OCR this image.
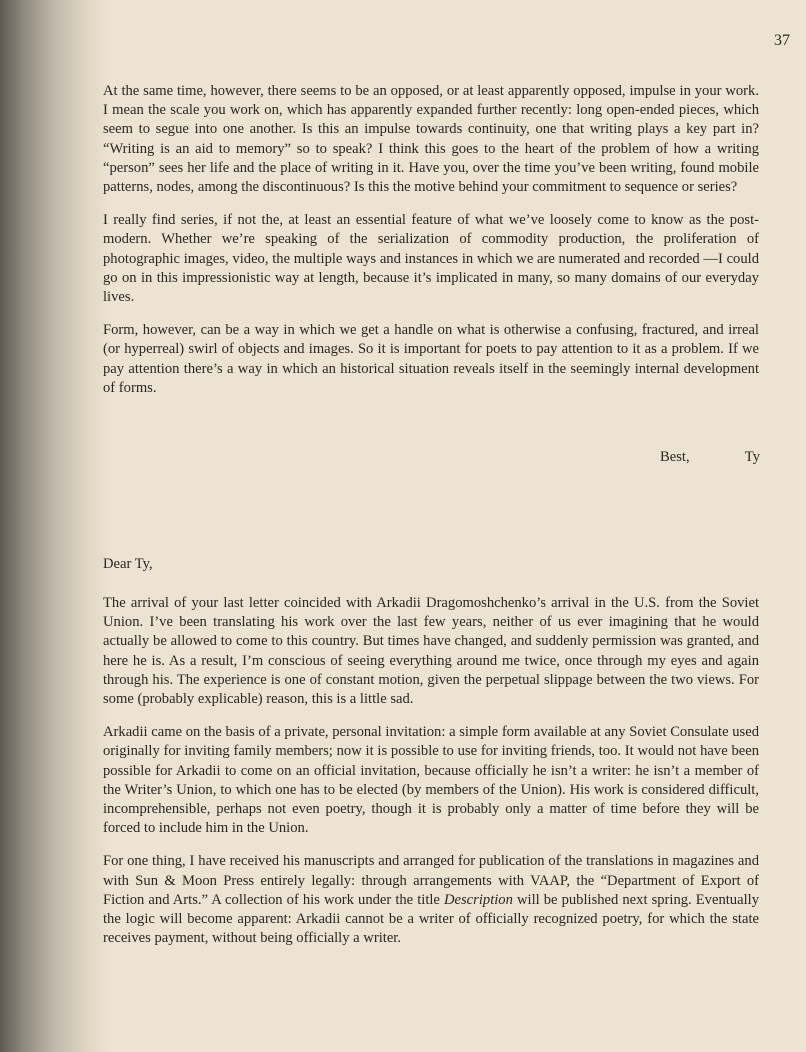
37

At the same time, however, there seems to be an opposed, or at least apparently opposed, impulse in your work. I mean the scale you work on, which has apparently expanded further recently: long open-ended pieces, which seem to segue into one another. Is this an impulse towards continuity, one that writing plays a key part in? “Writing is an aid to memory” so to speak? I think this goes to the heart of the problem of how a writing “person” sees her life and the place of writing in it. Have you, over the time you’ve been writing, found mobile patterns, nodes, among the discontinuous? Is this the motive behind your commitment to sequence or series?

I really find series, if not the, at least an essential feature of what we’ve loosely come to know as the post-modern. Whether we’re speaking of the serialization of commodity production, the proliferation of photographic images, video, the multiple ways and instances in which we are numerated and recorded —I could go on in this impressionistic way at length, because it’s implicated in many, so many domains of our everyday lives.

Form, however, can be a way in which we get a handle on what is otherwise a confusing, fractured, and irreal (or hyperreal) swirl of objects and images. So it is important for poets to pay attention to it as a problem. If we pay attention there’s a way in which an historical situation reveals itself in the seemingly internal development of forms.

Best,	Ty
Dear Ty,

The arrival of your last letter coincided with Arkadii Dragomoshchenko’s arrival in the U.S. from the Soviet Union. I’ve been translating his work over the last few years, neither of us ever imagining that he would actually be allowed to come to this country. But times have changed, and suddenly permission was granted, and here he is. As a result, I’m conscious of seeing everything around me twice, once through my eyes and again through his. The experience is one of constant motion, given the perpetual slippage between the two views. For some (probably explicable) reason, this is a little sad.

Arkadii came on the basis of a private, personal invitation: a simple form available at any Soviet Consulate used originally for inviting family members; now it is possible to use for inviting friends, too. It would not have been possible for Arkadii to come on an official invitation, because officially he isn’t a writer: he isn’t a member of the Writer’s Union, to which one has to be elected (by members of the Union). His work is considered difficult, incomprehensible, perhaps not even poetry, though it is probably only a matter of time before they will be forced to include him in the Union.

For one thing, I have received his manuscripts and arranged for publication of the translations in magazines and with Sun & Moon Press entirely legally: through arrangements with VAAP, the “Department of Export of Fiction and Arts.” A collection of his work under the title Description will be published next spring. Eventually the logic will become apparent: Arkadii cannot be a writer of officially recognized poetry, for which the state receives payment, without being officially a writer.
